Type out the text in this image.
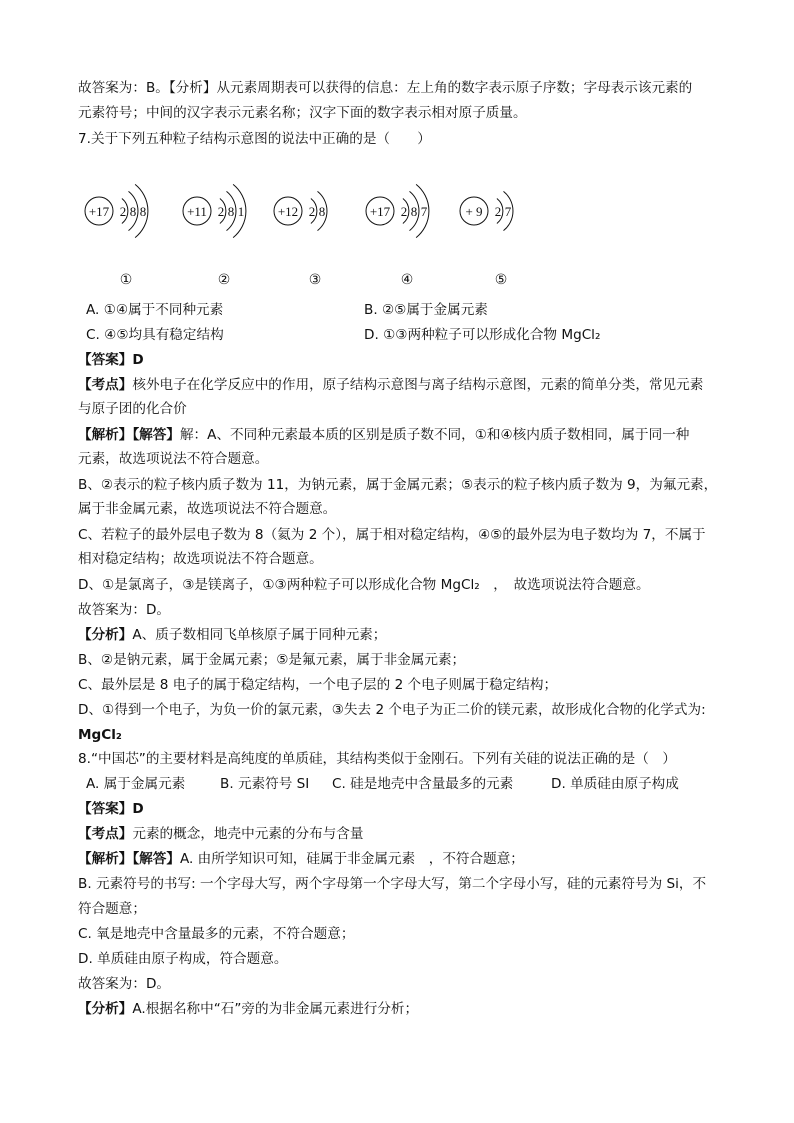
故答案为：B。【分析】从元素周期表可以获得的信息：左上角的数字表示原子序数；字母表示该元素的
元素符号；中间的汉字表示元素名称；汉字下面的数字表示相对原子质量。
7.关于下列五种粒子结构示意图的说法中正确的是（　　）
+17 2 8 8
①
+11 2 8 1
②
+12 2 8
③
+17 2 8 7
④
+ 9 2 7
⑤
A. ①④属于不同种元素	B. ②⑤属于金属元素
C. ④⑤均具有稳定结构	D. ①③两种粒子可以形成化合物 MgCl₂
【答案】D
【考点】核外电子在化学反应中的作用，原子结构示意图与离子结构示意图，元素的简单分类，常见元素
与原子团的化合价
【解析】【解答】解：A、不同种元素最本质的区别是质子数不同，①和④核内质子数相同，属于同一种
元素，故选项说法不符合题意。
B、②表示的粒子核内质子数为 11，为钠元素，属于金属元素；⑤表示的粒子核内质子数为 9，为氟元素，
属于非金属元素，故选项说法不符合题意。
C、若粒子的最外层电子数为 8（氦为 2 个），属于相对稳定结构，④⑤的最外层为电子数均为 7，不属于
相对稳定结构；故选项说法不符合题意。
D、①是氯离子，③是镁离子，①③两种粒子可以形成化合物 MgCl₂　，　故选项说法符合题意。
故答案为：D。
【分析】A、质子数相同飞单核原子属于同种元素；
B、②是钠元素，属于金属元素；⑤是氟元素，属于非金属元素；
C、最外层是 8 电子的属于稳定结构，一个电子层的 2 个电子则属于稳定结构；
D、①得到一个电子，为负一价的氯元素，③失去 2 个电子为正二价的镁元素，故形成化合物的化学式为:
MgCl₂
8.“中国芯”的主要材料是高纯度的单质硅，其结构类似于金刚石。下列有关硅的说法正确的是（　）
A. 属于金属元素	B. 元素符号 SI C. 硅是地壳中含量最多的元素	D. 单质硅由原子构成
【答案】D
【考点】元素的概念，地壳中元素的分布与含量
【解析】【解答】A. 由所学知识可知，硅属于非金属元素　，不符合题意；
B. 元素符号的书写: 一个字母大写，两个字母第一个字母大写，第二个字母小写，硅的元素符号为 Si，不
符合题意；
C. 氧是地壳中含量最多的元素，不符合题意；
D. 单质硅由原子构成，符合题意。
故答案为：D。
【分析】A.根据名称中“石”旁的为非金属元素进行分析；
